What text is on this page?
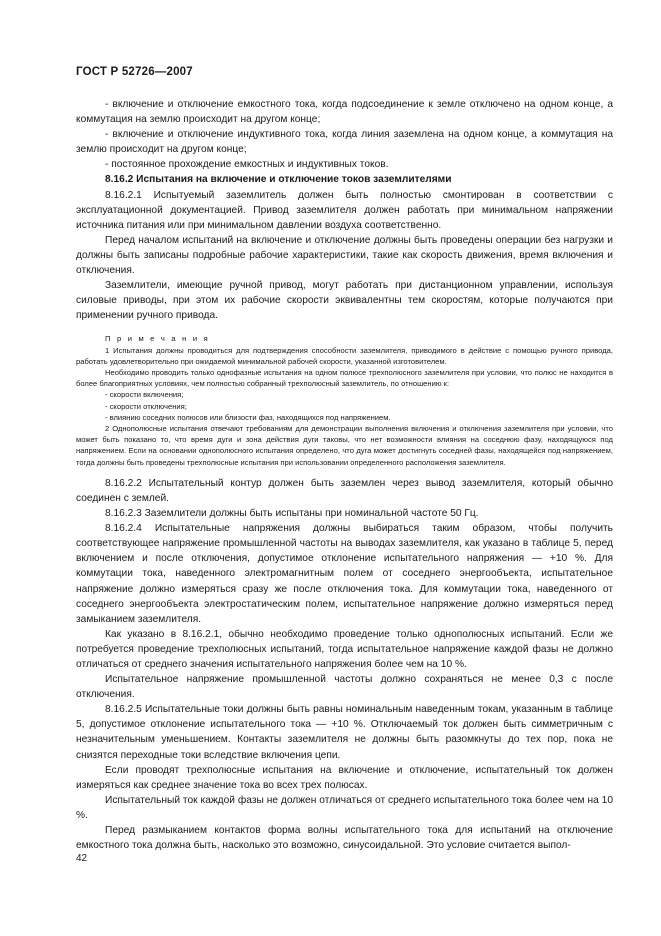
ГОСТ Р 52726—2007

- включение и отключение емкостного тока, когда подсоединение к земле отключено на одном конце, а коммутация на землю происходит на другом конце;

- включение и отключение индуктивного тока, когда линия заземлена на одном конце, а коммутация на землю происходит на другом конце;

- постоянное прохождение емкостных и индуктивных токов.

8.16.2 Испытания на включение и отключение токов заземлителями

8.16.2.1 Испытуемый заземлитель должен быть полностью смонтирован в соответствии с эксплуатационной документацией. Привод заземлителя должен работать при минимальном напряжении источника питания или при минимальном давлении воздуха соответственно.

Перед началом испытаний на включение и отключение должны быть проведены операции без нагрузки и должны быть записаны подробные рабочие характеристики, такие как скорость движения, время включения и отключения.

Заземлители, имеющие ручной привод, могут работать при дистанционном управлении, используя силовые приводы, при этом их рабочие скорости эквивалентны тем скоростям, которые получаются при применении ручного привода.

П р и м е ч а н и я

1 Испытания должны проводиться для подтверждения способности заземлителя, приводимого в действие с помощью ручного привода, работать удовлетворительно при ожидаемой минимальной рабочей скорости, указанной изготовителем.

Необходимо проводить только однофазные испытания на одном полюсе трехполюсного заземлителя при условии, что полюс не находится в более благоприятных условиях, чем полностью собранный трехполюсный заземлитель, по отношению к:

- скорости включения;

- скорости отключения;

- влиянию соседних полюсов или близости фаз, находящихся под напряжением.

2 Однополюсные испытания отвечают требованиям для демонстрации выполнения включения и отключения заземлителя при условии, что может быть показано то, что время дуги и зона действия дуги таковы, что нет возможности влияния на соседнюю фазу, находящуюся под напряжением. Если на основании однополюсного испытания определено, что дуга может достигнуть соседней фазы, находящейся под напряжением, тогда должны быть проведены трехполюсные испытания при использовании определенного расположения заземлителя.

8.16.2.2 Испытательный контур должен быть заземлен через вывод заземлителя, который обычно соединен с землей.

8.16.2.3 Заземлители должны быть испытаны при номинальной частоте 50 Гц.

8.16.2.4 Испытательные напряжения должны выбираться таким образом, чтобы получить соответствующее напряжение промышленной частоты на выводах заземлителя, как указано в таблице 5, перед включением и после отключения, допустимое отклонение испытательного напряжения — +10 %. Для коммутации тока, наведенного электромагнитным полем от соседнего энергообъекта, испытательное напряжение должно измеряться сразу же после отключения тока. Для коммутации тока, наведенного от соседнего энергообъекта электростатическим полем, испытательное напряжение должно измеряться перед замыканием заземлителя.

Как указано в 8.16.2.1, обычно необходимо проведение только однополюсных испытаний. Если же потребуется проведение трехполюсных испытаний, тогда испытательное напряжение каждой фазы не должно отличаться от среднего значения испытательного напряжения более чем на 10 %.

Испытательное напряжение промышленной частоты должно сохраняться не менее 0,3 с после отключения.

8.16.2.5 Испытательные токи должны быть равны номинальным наведенным токам, указанным в таблице 5, допустимое отклонение испытательного тока — +10 %. Отключаемый ток должен быть симметричным с незначительным уменьшением. Контакты заземлителя не должны быть разомкнуты до тех пор, пока не снизятся переходные токи вследствие включения цепи.

Если проводят трехполюсные испытания на включение и отключение, испытательный ток должен измеряться как среднее значение тока во всех трех полюсах.

Испытательный ток каждой фазы не должен отличаться от среднего испытательного тока более чем на 10 %.

Перед размыканием контактов форма волны испытательного тока для испытаний на отключение емкостного тока должна быть, насколько это возможно, синусоидальной. Это условие считается выпол-

42
